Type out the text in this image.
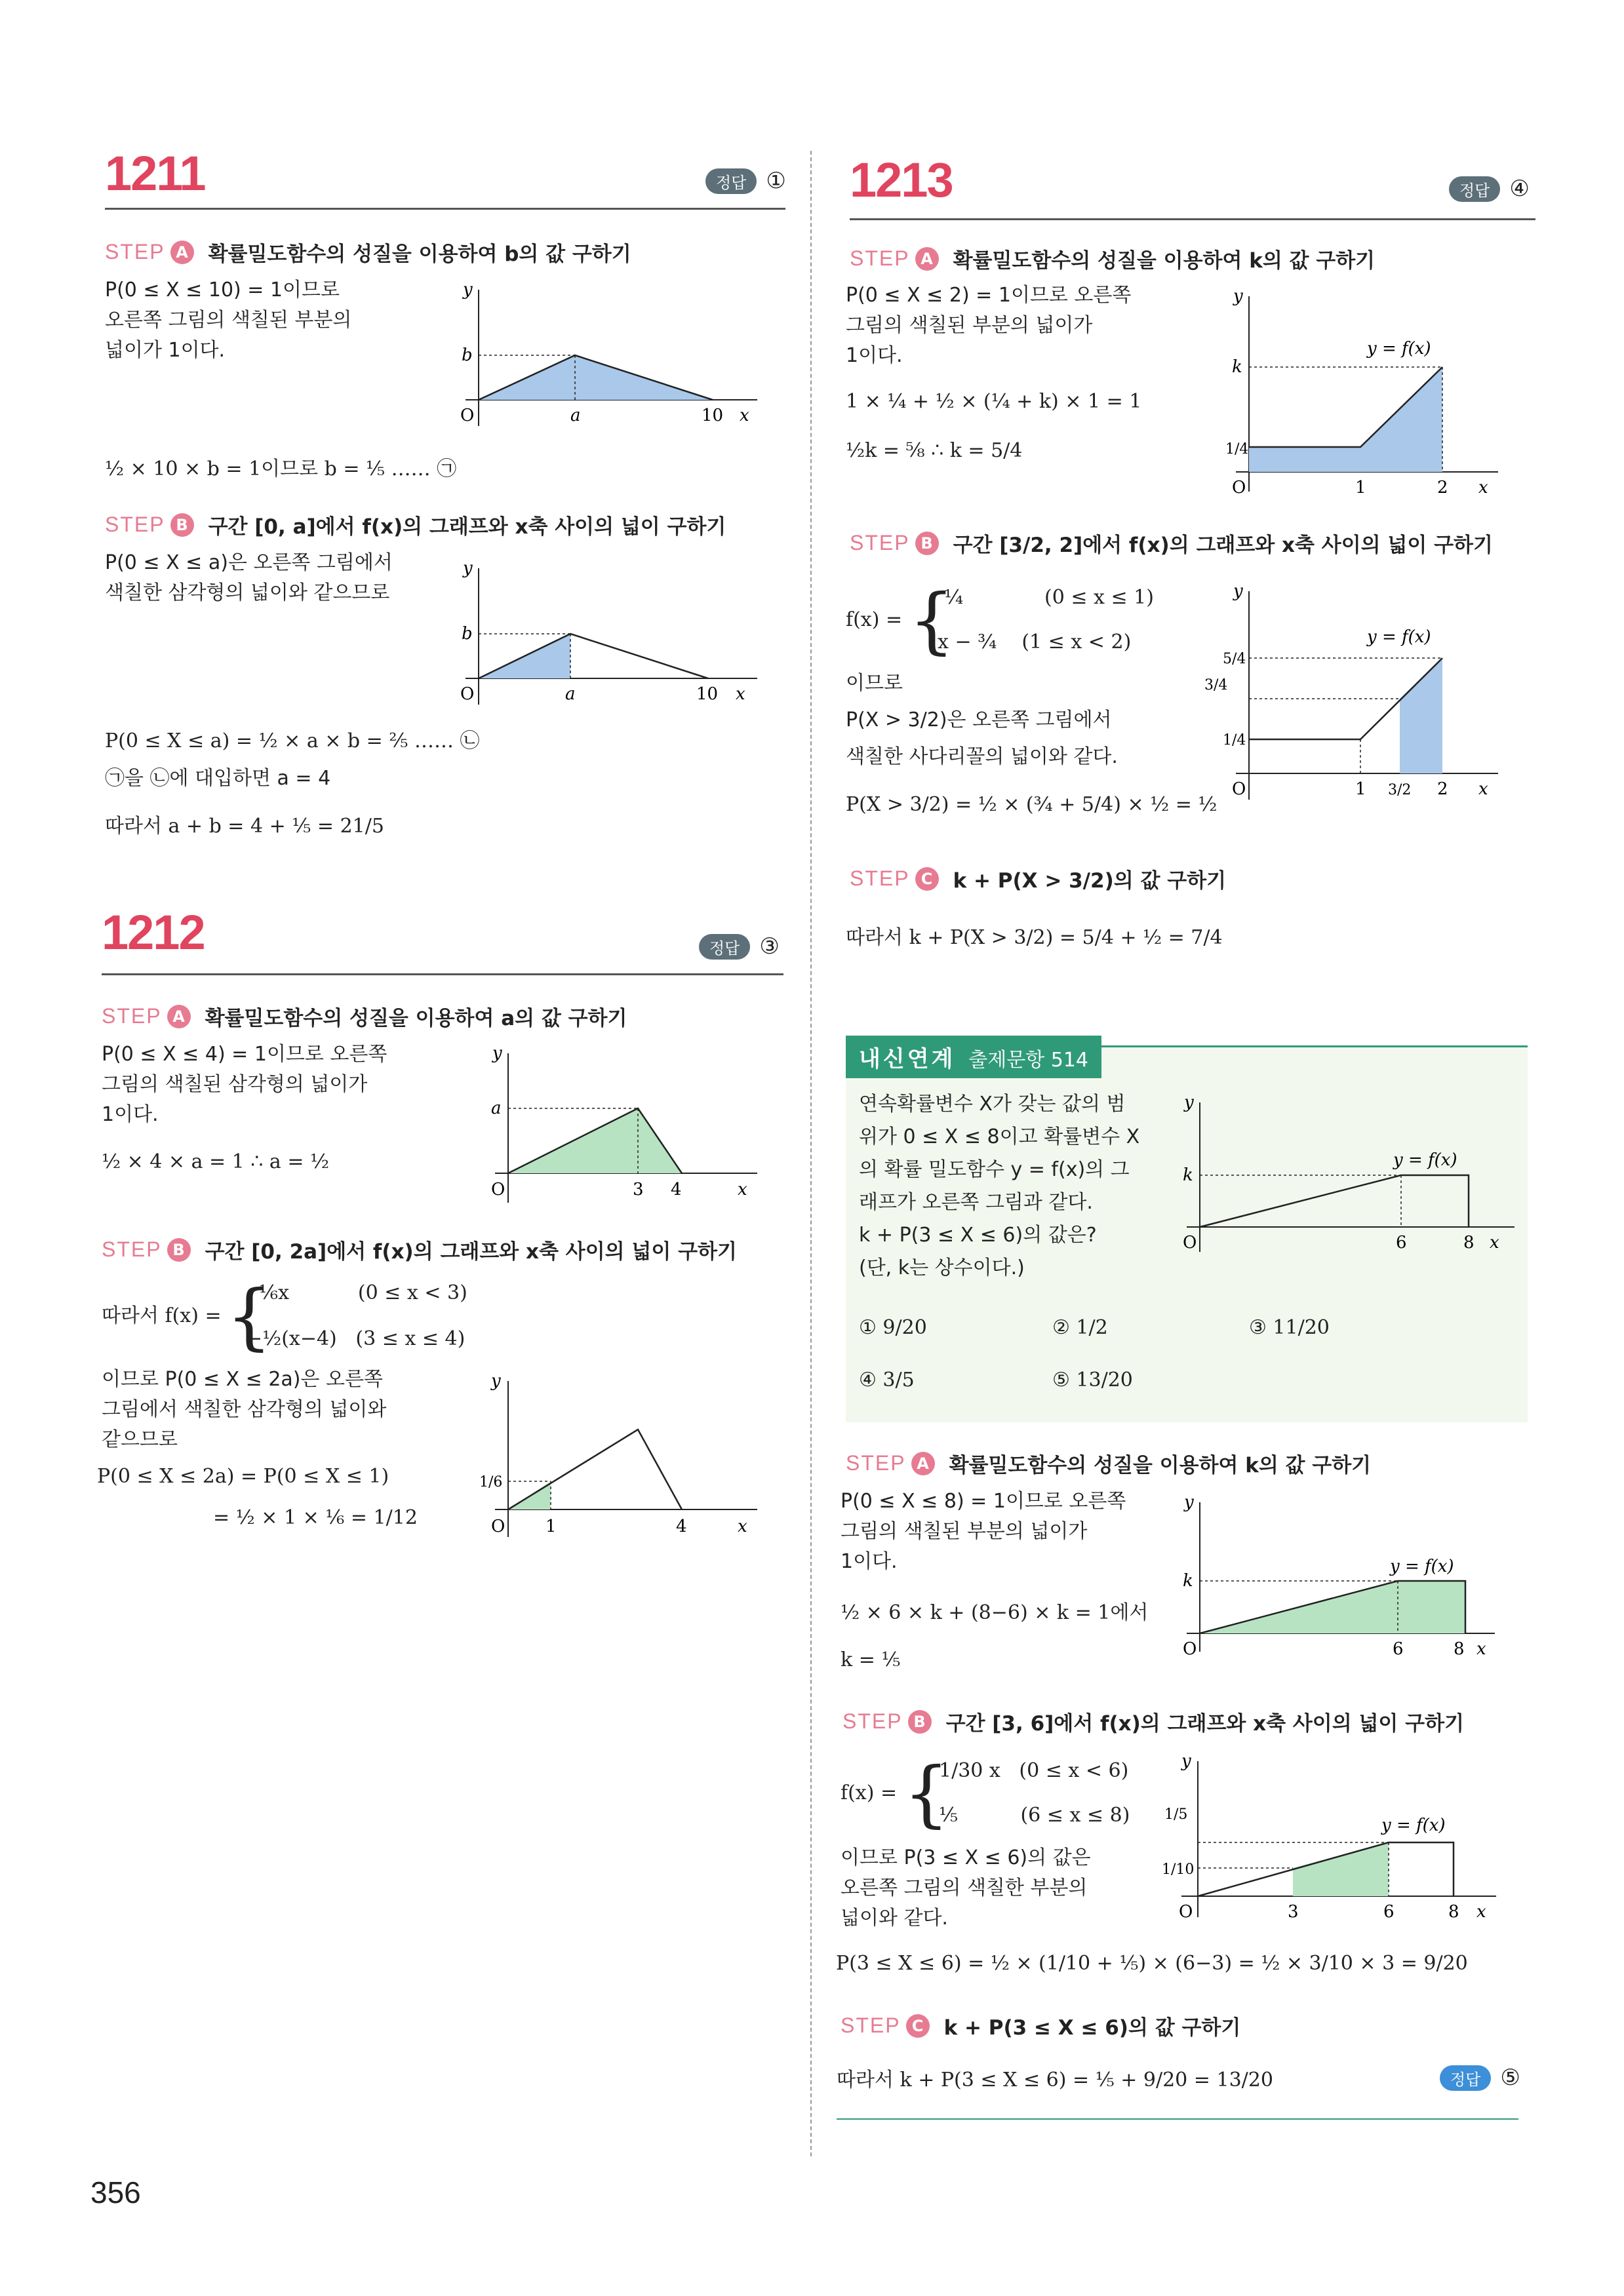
1211	정답 ①
STEP A 확률밀도함수의 성질을 이용하여 b의 값 구하기
P(0 ≤ X ≤ 10) = 1이므로
오른쪽 그림의 색칠된 부분의
넓이가 1이다.
½ × 10 × b = 1이므로 b = ⅕ …… ㉠
y
b
O	a	10 x
STEP B 구간 [0, a]에서 f(x)의 그래프와 x축 사이의 넓이 구하기
P(0 ≤ X ≤ a)은 오른쪽 그림에서
색칠한 삼각형의 넓이와 같으므로
y
b
O	a	10 x
P(0 ≤ X ≤ a) = ½ × a × b = ⅖ …… ㉡
㉠을 ㉡에 대입하면 a = 4
따라서 a + b = 4 + ⅕ = 21/5
1212	정답 ③
STEP A 확률밀도함수의 성질을 이용하여 a의 값 구하기
P(0 ≤ X ≤ 4) = 1이므로 오른쪽
그림의 색칠된 삼각형의 넓이가
1이다.
½ × 4 × a = 1 ∴ a = ½
y
a
O	3 4	x
STEP B 구간 [0, 2a]에서 f(x)의 그래프와 x축 사이의 넓이 구하기
따라서 f(x) = {
⅙x           (0 ≤ x < 3)
−½(x−4)   (3 ≤ x ≤ 4)
이므로 P(0 ≤ X ≤ 2a)은 오른쪽
그림에서 색칠한 삼각형의 넓이와
같으므로
P(0 ≤ X ≤ 2a) = P(0 ≤ X ≤ 1)
= ½ × 1 × ⅙ = 1/12
y
1/6
O 1	4	x
1213	정답 ④
STEP A 확률밀도함수의 성질을 이용하여 k의 값 구하기
P(0 ≤ X ≤ 2) = 1이므로 오른쪽
그림의 색칠된 부분의 넓이가
1이다.
1 × ¼ + ½ × (¼ + k) × 1 = 1
½k = ⅝ ∴ k = 5/4
y
y = f(x)
k
1/4
O	1	2 x
STEP B 구간 [3/2, 2]에서 f(x)의 그래프와 x축 사이의 넓이 구하기
f(x) = {
¼             (0 ≤ x ≤ 1)
x − ¾    (1 ≤ x < 2)
이므로
P(X > 3/2)은 오른쪽 그림에서
색칠한 사다리꼴의 넓이와 같다.
P(X > 3/2) = ½ × (¾ + 5/4) × ½ = ½
y
y = f(x)
5/4
3/4
1/4
O	1 3/2 2 x
STEP C k + P(X > 3/2)의 값 구하기
따라서 k + P(X > 3/2) = 5/4 + ½ = 7/4
내신연계 출제문항 514
연속확률변수 X가 갖는 값의 범
위가 0 ≤ X ≤ 8이고 확률변수 X
의 확률 밀도함수 y = f(x)의 그
래프가 오른쪽 그림과 같다.
k + P(3 ≤ X ≤ 6)의 값은?
(단, k는 상수이다.)
y
y = f(x)
k
O	6	8 x
① 9/20	② 1/2	③ 11/20
④ 3/5	⑤ 13/20
STEP A 확률밀도함수의 성질을 이용하여 k의 값 구하기
P(0 ≤ X ≤ 8) = 1이므로 오른쪽
그림의 색칠된 부분의 넓이가
1이다.
½ × 6 × k + (8−6) × k = 1에서
k = ⅕
y
y = f(x)
k
O	6	8 x
STEP B 구간 [3, 6]에서 f(x)의 그래프와 x축 사이의 넓이 구하기
f(x) = {
1/30 x   (0 ≤ x < 6)
⅕          (6 ≤ x ≤ 8)
이므로 P(3 ≤ X ≤ 6)의 값은
오른쪽 그림의 색칠한 부분의
넓이와 같다.
P(3 ≤ X ≤ 6) = ½ × (1/10 + ⅕) × (6−3) = ½ × 3/10 × 3 = 9/20
y
y = f(x)
1/5
1/10
O	3	6	8 x
STEP C k + P(3 ≤ X ≤ 6)의 값 구하기
따라서 k + P(3 ≤ X ≤ 6) = ⅕ + 9/20 = 13/20	정답 ⑤
356
